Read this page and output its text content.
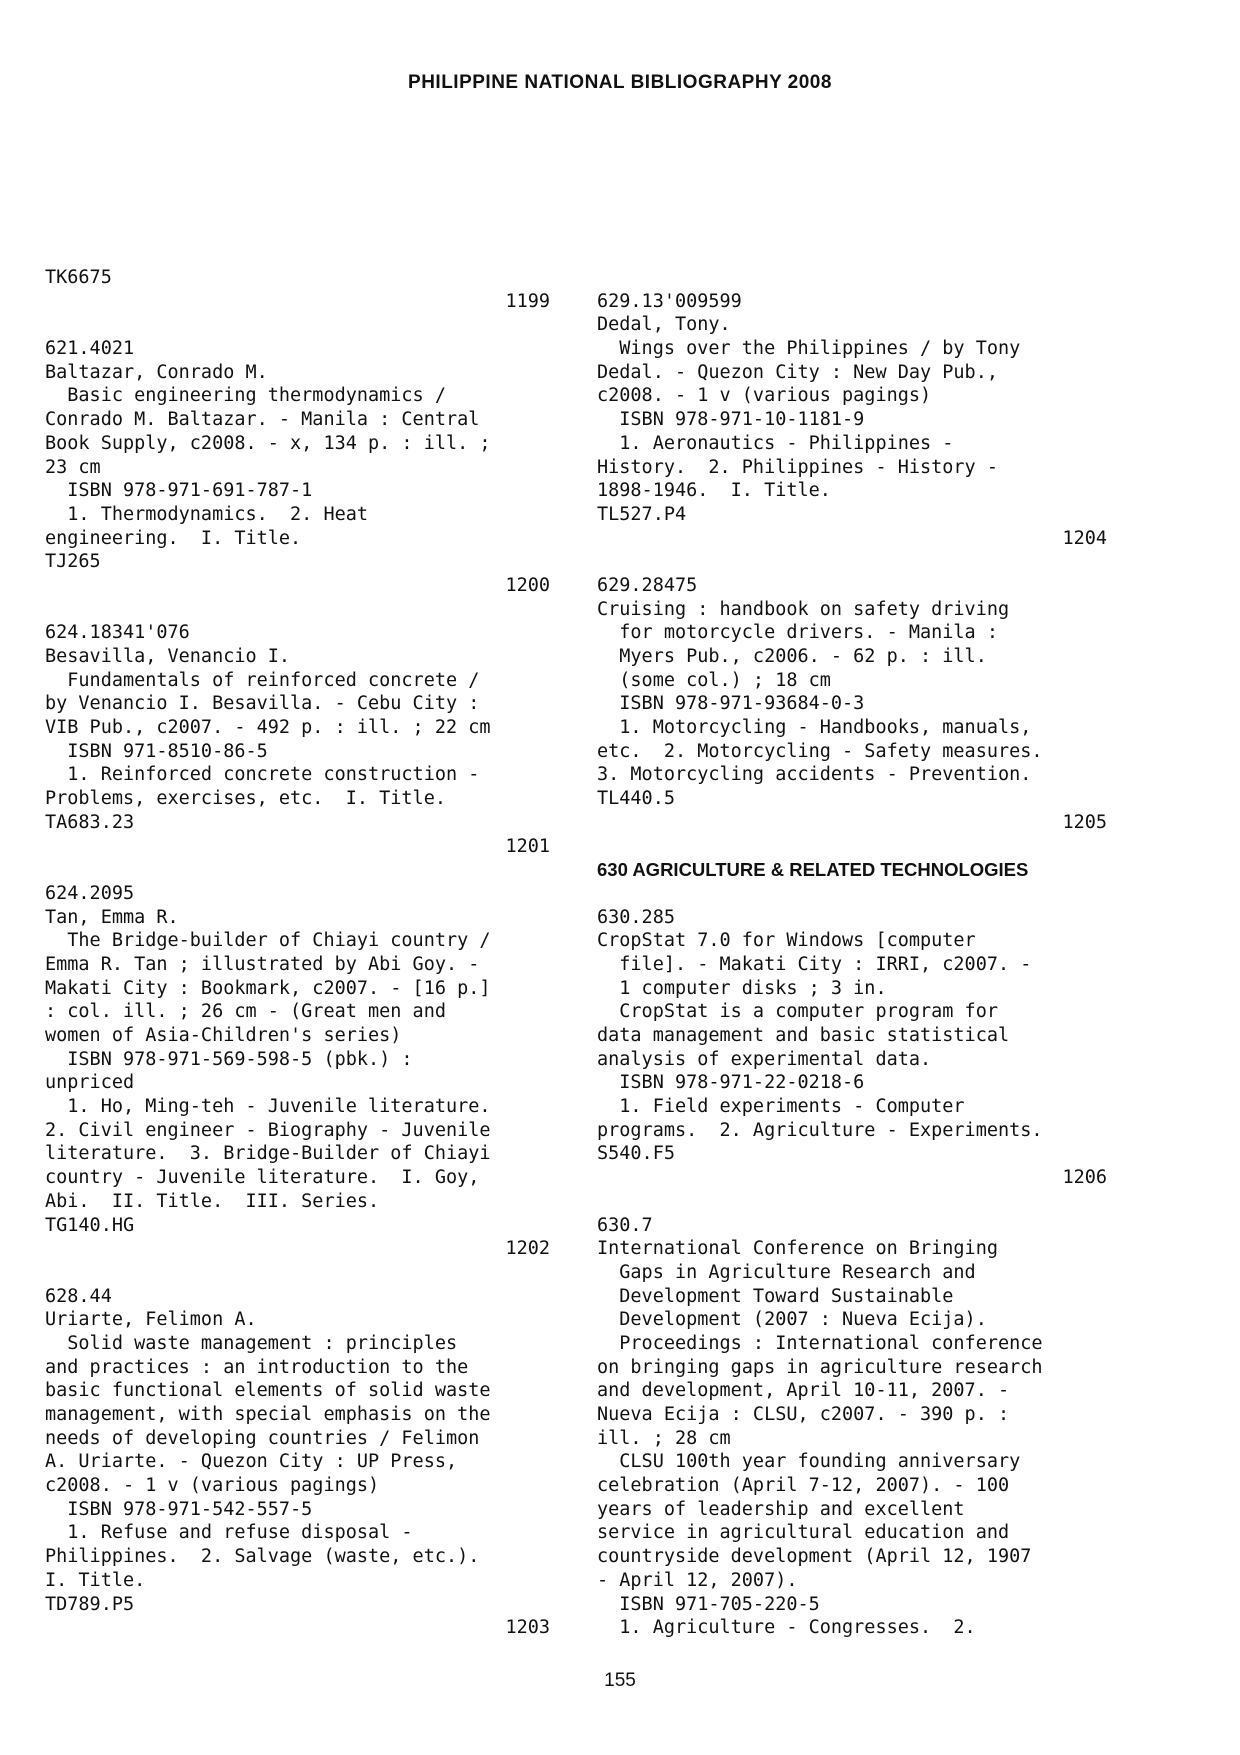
PHILIPPINE NATIONAL BIBLIOGRAPHY 2008
TK6675
1199
621.4021
Baltazar, Conrado M.
Basic engineering thermodynamics /
Conrado M. Baltazar. - Manila : Central
Book Supply, c2008. - x, 134 p. : ill. ;
23 cm
ISBN 978-971-691-787-1
1. Thermodynamics.  2. Heat
engineering.  I. Title.
TJ265
1200
624.18341'076
Besavilla, Venancio I.
Fundamentals of reinforced concrete /
by Venancio I. Besavilla. - Cebu City :
VIB Pub., c2007. - 492 p. : ill. ; 22 cm
ISBN 971-8510-86-5
1. Reinforced concrete construction -
Problems, exercises, etc.  I. Title.
TA683.23
1201
624.2095
Tan, Emma R.
The Bridge-builder of Chiayi country /
Emma R. Tan ; illustrated by Abi Goy. -
Makati City : Bookmark, c2007. - [16 p.]
: col. ill. ; 26 cm - (Great men and
women of Asia-Children's series)
ISBN 978-971-569-598-5 (pbk.) :
unpriced
1. Ho, Ming-teh - Juvenile literature.
2. Civil engineer - Biography - Juvenile
literature.  3. Bridge-Builder of Chiayi
country - Juvenile literature.  I. Goy,
Abi.  II. Title.  III. Series.
TG140.HG
1202
628.44
Uriarte, Felimon A.
Solid waste management : principles
and practices : an introduction to the
basic functional elements of solid waste
management, with special emphasis on the
needs of developing countries / Felimon
A. Uriarte. - Quezon City : UP Press,
c2008. - 1 v (various pagings)
ISBN 978-971-542-557-5
1. Refuse and refuse disposal -
Philippines.  2. Salvage (waste, etc.).
I. Title.
TD789.P5
1203
629.13'009599
Dedal, Tony.
Wings over the Philippines / by Tony
Dedal. - Quezon City : New Day Pub.,
c2008. - 1 v (various pagings)
ISBN 978-971-10-1181-9
1. Aeronautics - Philippines -
History.  2. Philippines - History -
1898-1946.  I. Title.
TL527.P4
1204
629.28475
Cruising : handbook on safety driving
for motorcycle drivers. - Manila :
Myers Pub., c2006. - 62 p. : ill.
(some col.) ; 18 cm
ISBN 978-971-93684-0-3
1. Motorcycling - Handbooks, manuals,
etc.  2. Motorcycling - Safety measures.
3. Motorcycling accidents - Prevention.
TL440.5
1205
630 AGRICULTURE & RELATED TECHNOLOGIES
630.285
CropStat 7.0 for Windows [computer
file]. - Makati City : IRRI, c2007. -
1 computer disks ; 3 in.
CropStat is a computer program for
data management and basic statistical
analysis of experimental data.
ISBN 978-971-22-0218-6
1. Field experiments - Computer
programs.  2. Agriculture - Experiments.
S540.F5
1206
630.7
International Conference on Bringing
Gaps in Agriculture Research and
Development Toward Sustainable
Development (2007 : Nueva Ecija).
Proceedings : International conference
on bringing gaps in agriculture research
and development, April 10-11, 2007. -
Nueva Ecija : CLSU, c2007. - 390 p. :
ill. ; 28 cm
CLSU 100th year founding anniversary
celebration (April 7-12, 2007). - 100
years of leadership and excellent
service in agricultural education and
countryside development (April 12, 1907
- April 12, 2007).
ISBN 971-705-220-5
1. Agriculture - Congresses.  2.
155
